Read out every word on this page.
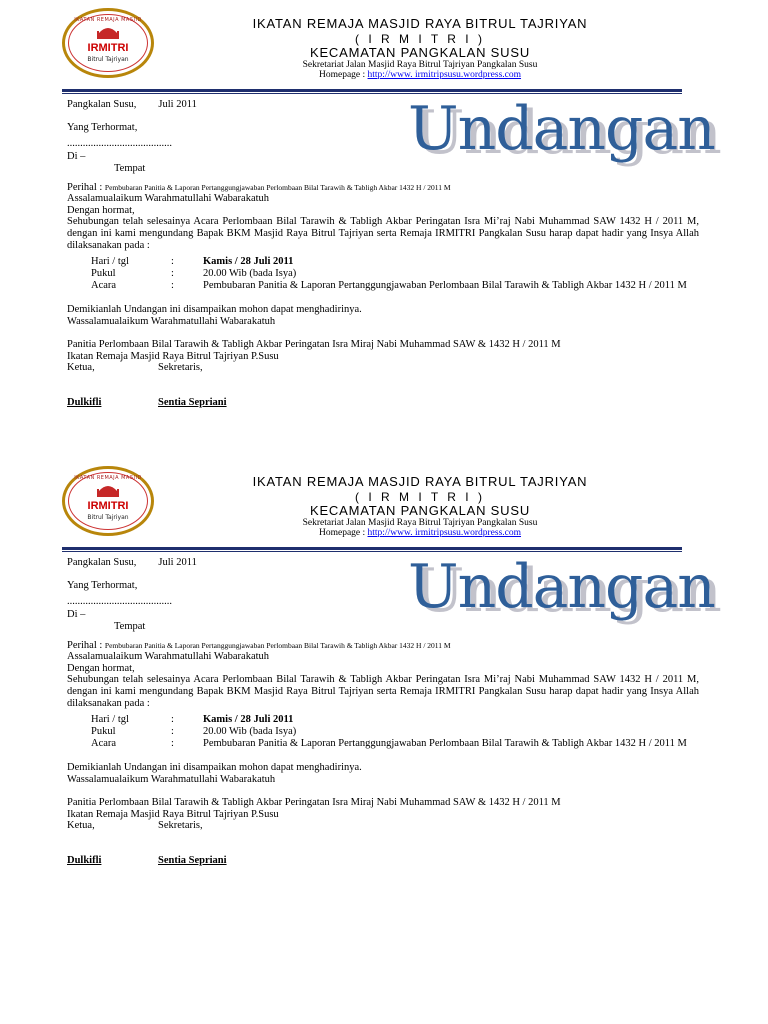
IKATAN REMAJA MASJID
IRMITRI
Bitrul Tajriyan
IKATAN REMAJA MASJID RAYA BITRUL TAJRIYAN
( I R M I T R I )
KECAMATAN PANGKALAN SUSU
Sekretariat Jalan Masjid Raya Bitrul Tajriyan Pangkalan Susu
Homepage : http://www. irmitripsusu.wordpress.com
Undangan
Pangkalan Susu, Juli 2011
Yang Terhormat,
........................................
Di –
Tempat
Perihal : Pembubaran Panitia & Laporan Pertanggungjawaban Perlombaan Bilal Tarawih & Tabligh Akbar 1432 H / 2011 M
Assalamualaikum Warahmatullahi Wabarakatuh
Dengan hormat,
Sehubungan telah selesainya Acara Perlombaan Bilal Tarawih & Tabligh Akbar Peringatan Isra Mi’raj Nabi Muhammad SAW 1432 H / 2011 M, dengan ini kami mengundang Bapak BKM Masjid Raya Bitrul Tajriyan serta Remaja IRMITRI Pangkalan Susu harap dapat hadir yang Insya Allah dilaksanakan pada :
Hari / tgl	:	Kamis / 28 Juli 2011
Pukul	:	20.00 Wib (bada Isya)
Acara	:	Pembubaran Panitia & Laporan Pertanggungjawaban Perlombaan Bilal Tarawih & Tabligh Akbar 1432 H / 2011 M
Demikianlah Undangan ini disampaikan mohon dapat menghadirinya.
Wassalamualaikum Warahmatullahi Wabarakatuh
Panitia Perlombaan Bilal Tarawih & Tabligh Akbar Peringatan Isra Miraj Nabi Muhammad SAW & 1432 H / 2011 M
Ikatan Remaja Masjid Raya Bitrul Tajriyan P.Susu
Ketua,	Sekretaris,
Dulkifli	Sentia Sepriani
IKATAN REMAJA MASJID
IRMITRI
Bitrul Tajriyan
IKATAN REMAJA MASJID RAYA BITRUL TAJRIYAN
( I R M I T R I )
KECAMATAN PANGKALAN SUSU
Sekretariat Jalan Masjid Raya Bitrul Tajriyan Pangkalan Susu
Homepage : http://www. irmitripsusu.wordpress.com
Undangan
Pangkalan Susu, Juli 2011
Yang Terhormat,
........................................
Di –
Tempat
Perihal : Pembubaran Panitia & Laporan Pertanggungjawaban Perlombaan Bilal Tarawih & Tabligh Akbar 1432 H / 2011 M
Assalamualaikum Warahmatullahi Wabarakatuh
Dengan hormat,
Sehubungan telah selesainya Acara Perlombaan Bilal Tarawih & Tabligh Akbar Peringatan Isra Mi’raj Nabi Muhammad SAW 1432 H / 2011 M, dengan ini kami mengundang Bapak BKM Masjid Raya Bitrul Tajriyan serta Remaja IRMITRI Pangkalan Susu harap dapat hadir yang Insya Allah dilaksanakan pada :
Hari / tgl	:	Kamis / 28 Juli 2011
Pukul	:	20.00 Wib (bada Isya)
Acara	:	Pembubaran Panitia & Laporan Pertanggungjawaban Perlombaan Bilal Tarawih & Tabligh Akbar 1432 H / 2011 M
Demikianlah Undangan ini disampaikan mohon dapat menghadirinya.
Wassalamualaikum Warahmatullahi Wabarakatuh
Panitia Perlombaan Bilal Tarawih & Tabligh Akbar Peringatan Isra Miraj Nabi Muhammad SAW & 1432 H / 2011 M
Ikatan Remaja Masjid Raya Bitrul Tajriyan P.Susu
Ketua,	Sekretaris,
Dulkifli	Sentia Sepriani
